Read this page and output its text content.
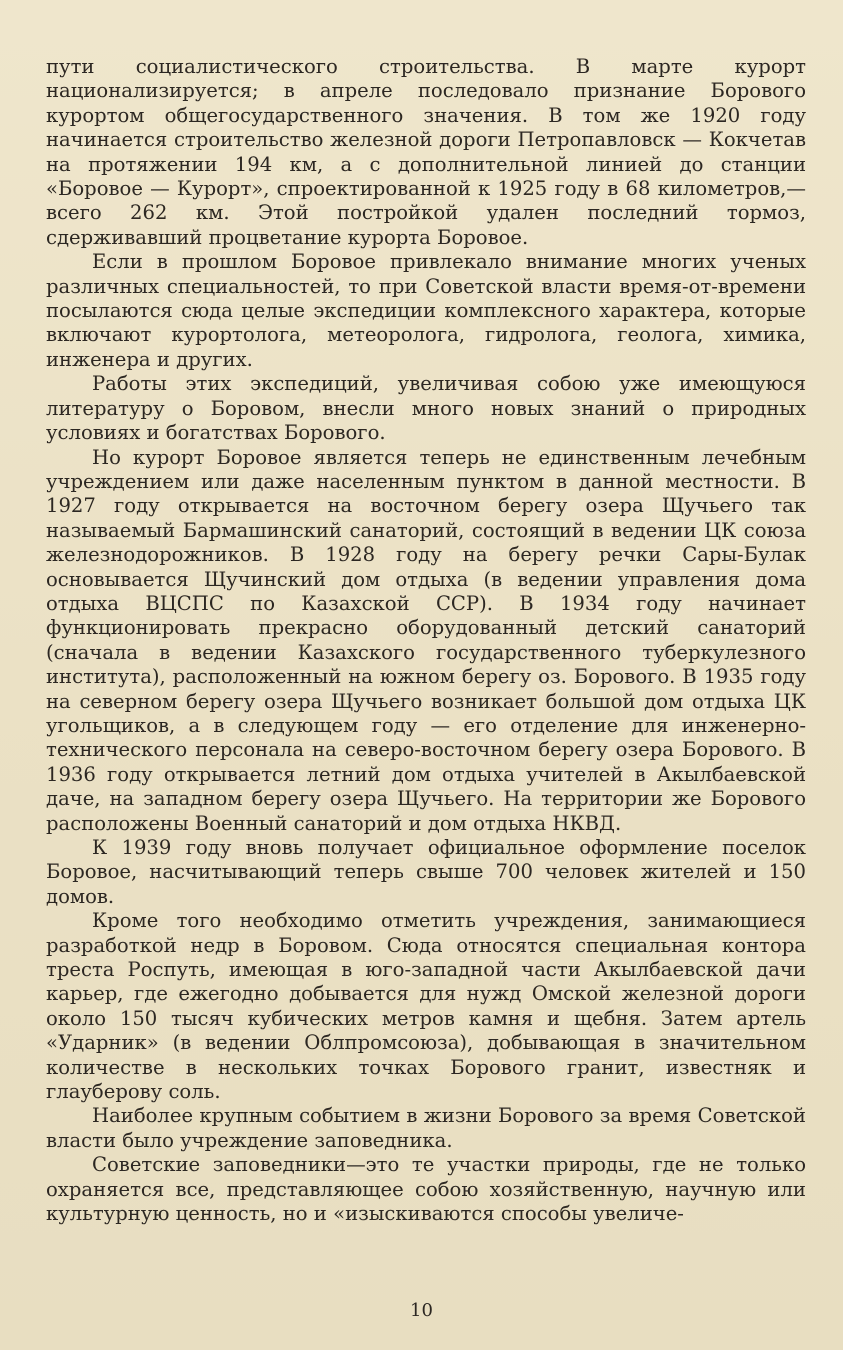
пути социалистического строительства. В марте курорт национализируется; в апреле последовало признание Борового курортом общегосударственного значения. В том же 1920 году начинается строительство железной дороги Петропавловск — Кокчетав на протяжении 194 км, а с дополнительной линией до станции «Боровое — Курорт», спроектированной к 1925 году в 68 километров,— всего 262 км. Этой постройкой удален последний тормоз, сдерживавший процветание курорта Боровое.

Если в прошлом Боровое привлекало внимание многих ученых различных специальностей, то при Советской власти время-от-времени посылаются сюда целые экспедиции комплексного характера, которые включают курортолога, метеоролога, гидролога, геолога, химика, инженера и других.

Работы этих экспедиций, увеличивая собою уже имеющуюся литературу о Боровом, внесли много новых знаний о природных условиях и богатствах Борового.

Но курорт Боровое является теперь не единственным лечебным учреждением или даже населенным пунктом в данной местности. В 1927 году открывается на восточном берегу озера Щучьего так называемый Бармашинский санаторий, состоящий в ведении ЦК союза железнодорожников. В 1928 году на берегу речки Сары-Булак основывается Щучинский дом отдыха (в ведении управления дома отдыха ВЦСПС по Казахской ССР). В 1934 году начинает функционировать прекрасно оборудованный детский санаторий (сначала в ведении Казахского государственного туберкулезного института), расположенный на южном берегу оз. Борового. В 1935 году на северном берегу озера Щучьего возникает большой дом отдыха ЦК угольщиков, а в следующем году — его отделение для инженерно-технического персонала на северо-восточном берегу озера Борового. В 1936 году открывается летний дом отдыха учителей в Акылбаевской даче, на западном берегу озера Щучьего. На территории же Борового расположены Военный санаторий и дом отдыха НКВД.

К 1939 году вновь получает официальное оформление поселок Боровое, насчитывающий теперь свыше 700 человек жителей и 150 домов.

Кроме того необходимо отметить учреждения, занимающиеся разработкой недр в Боровом. Сюда относятся специальная контора треста Роспуть, имеющая в юго-западной части Акылбаевской дачи карьер, где ежегодно добывается для нужд Омской железной дороги около 150 тысяч кубических метров камня и щебня. Затем артель «Ударник» (в ведении Облпромсоюза), добывающая в значительном количестве в нескольких точках Борового гранит, известняк и глауберову соль.

Наиболее крупным событием в жизни Борового за время Советской власти было учреждение заповедника.

Советские заповедники—это те участки природы, где не только охраняется все, представляющее собою хозяйственную, научную или культурную ценность, но и «изыскиваются способы увеличе-

10
